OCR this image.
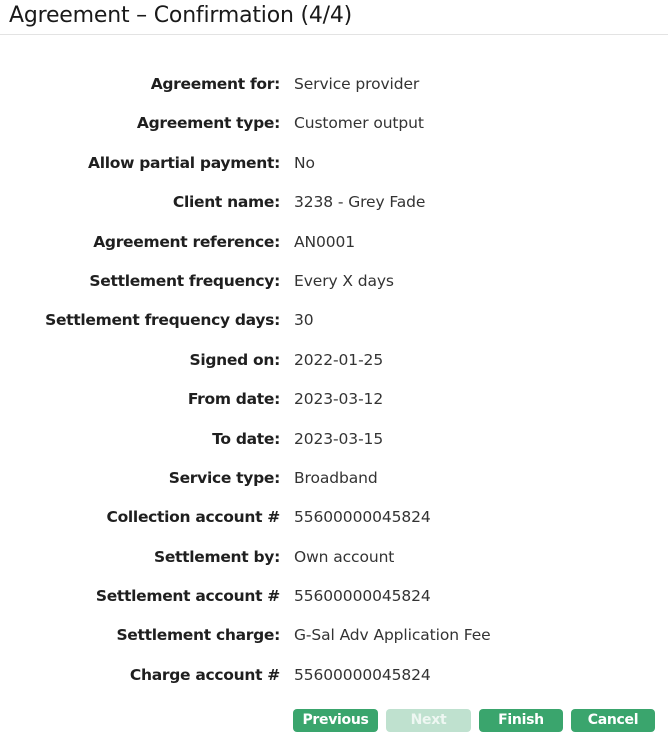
Agreement – Confirmation (4/4)
Agreement for: Service provider
Agreement type: Customer output
Allow partial payment: No
Client name: 3238 - Grey Fade
Agreement reference: AN0001
Settlement frequency: Every X days
Settlement frequency days: 30
Signed on: 2022-01-25
From date: 2023-03-12
To date: 2023-03-15
Service type: Broadband
Collection account # 55600000045824
Settlement by: Own account
Settlement account # 55600000045824
Settlement charge: G-Sal Adv Application Fee
Charge account # 55600000045824
Previous	Next	Finish	Cancel
